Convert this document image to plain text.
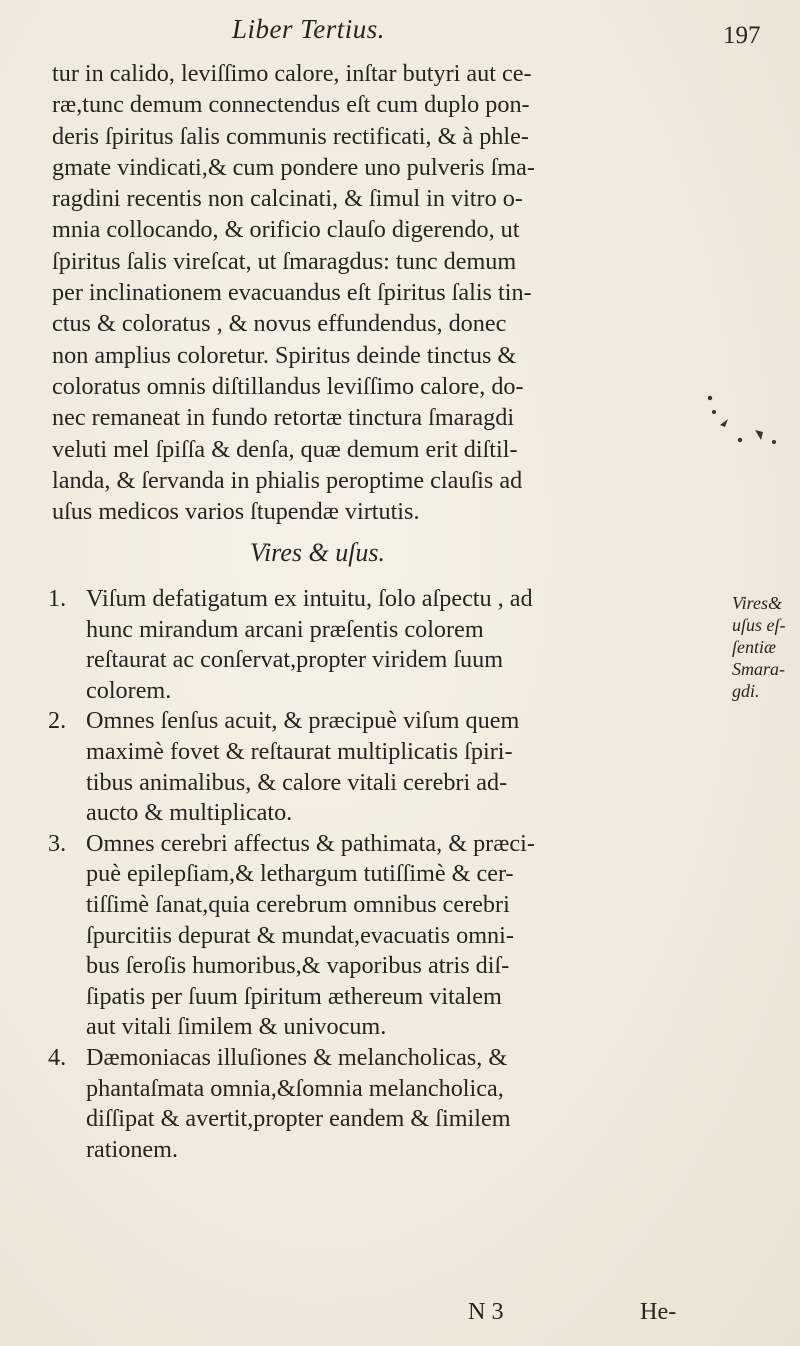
Liber Tertius.	197
tur in calido, leviſſimo calore, inſtar butyri aut ce-
ræ,tunc demum connectendus eſt cum duplo pon-
deris ſpiritus ſalis communis rectificati, & à phle-
gmate vindicati,& cum pondere uno pulveris ſma-
ragdini recentis non calcinati, & ſimul in vitro o-
mnia collocando, & orificio clauſo digerendo, ut
ſpiritus ſalis vireſcat, ut ſmaragdus: tunc demum
per inclinationem evacuandus eſt ſpiritus ſalis tin-
ctus & coloratus , & novus effundendus, donec
non amplius coloretur. Spiritus deinde tinctus &
coloratus omnis diſtillandus leviſſimo calore, do-
nec remaneat in fundo retortæ tinctura ſmaragdi
veluti mel ſpiſſa & denſa, quæ demum erit diſtil-
landa, & ſervanda in phialis peroptime clauſis ad
uſus medicos varios ſtupendæ virtutis.
Vires & uſus.
1. Viſum defatigatum ex intuitu, ſolo aſpectu , ad
hunc mirandum arcani præſentis colorem
reſtaurat ac conſervat,propter viridem ſuum
colorem.
2. Omnes ſenſus acuit, & præcipuè viſum quem
maximè fovet & reſtaurat multiplicatis ſpiri-
tibus animalibus, & calore vitali cerebri ad-
aucto & multiplicato.
3. Omnes cerebri affectus & pathimata, & præci-
puè epilepſiam,& lethargum tutiſſimè & cer-
tiſſimè ſanat,quia cerebrum omnibus cerebri
ſpurcitiis depurat & mundat,evacuatis omni-
bus ſeroſis humoribus,& vaporibus atris diſ-
ſipatis per ſuum ſpiritum æthereum vitalem
aut vitali ſimilem & univocum.
4. Dæmoniacas illuſiones & melancholicas, &
phantaſmata omnia,&ſomnia melancholica,
diſſipat & avertit,propter eandem & ſimilem
rationem.
Vires&
uſus eſ-
ſentiæ
Smara-
gdi.
N 3	He-
